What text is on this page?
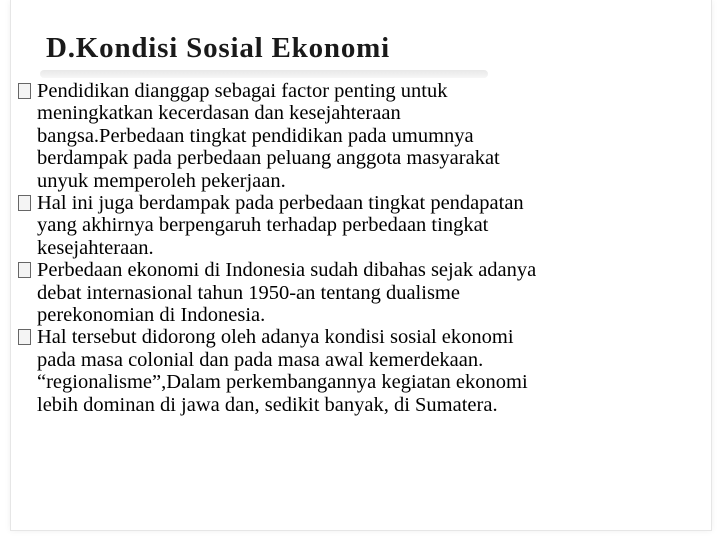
D.Kondisi Sosial Ekonomi

Pendidikan dianggap sebagai factor penting untuk
meningkatkan kecerdasan dan kesejahteraan
bangsa.Perbedaan tingkat pendidikan pada umumnya
berdampak pada perbedaan peluang anggota masyarakat
unyuk memperoleh pekerjaan.

Hal ini juga berdampak pada perbedaan tingkat pendapatan
yang akhirnya berpengaruh terhadap perbedaan tingkat
kesejahteraan.

Perbedaan ekonomi di Indonesia sudah dibahas sejak adanya
debat internasional tahun 1950-an tentang dualisme
perekonomian di Indonesia.

Hal tersebut didorong oleh adanya kondisi sosial ekonomi
pada masa colonial dan pada masa awal kemerdekaan.
“regionalisme”,Dalam perkembangannya kegiatan ekonomi
lebih dominan di jawa dan, sedikit banyak, di Sumatera.
